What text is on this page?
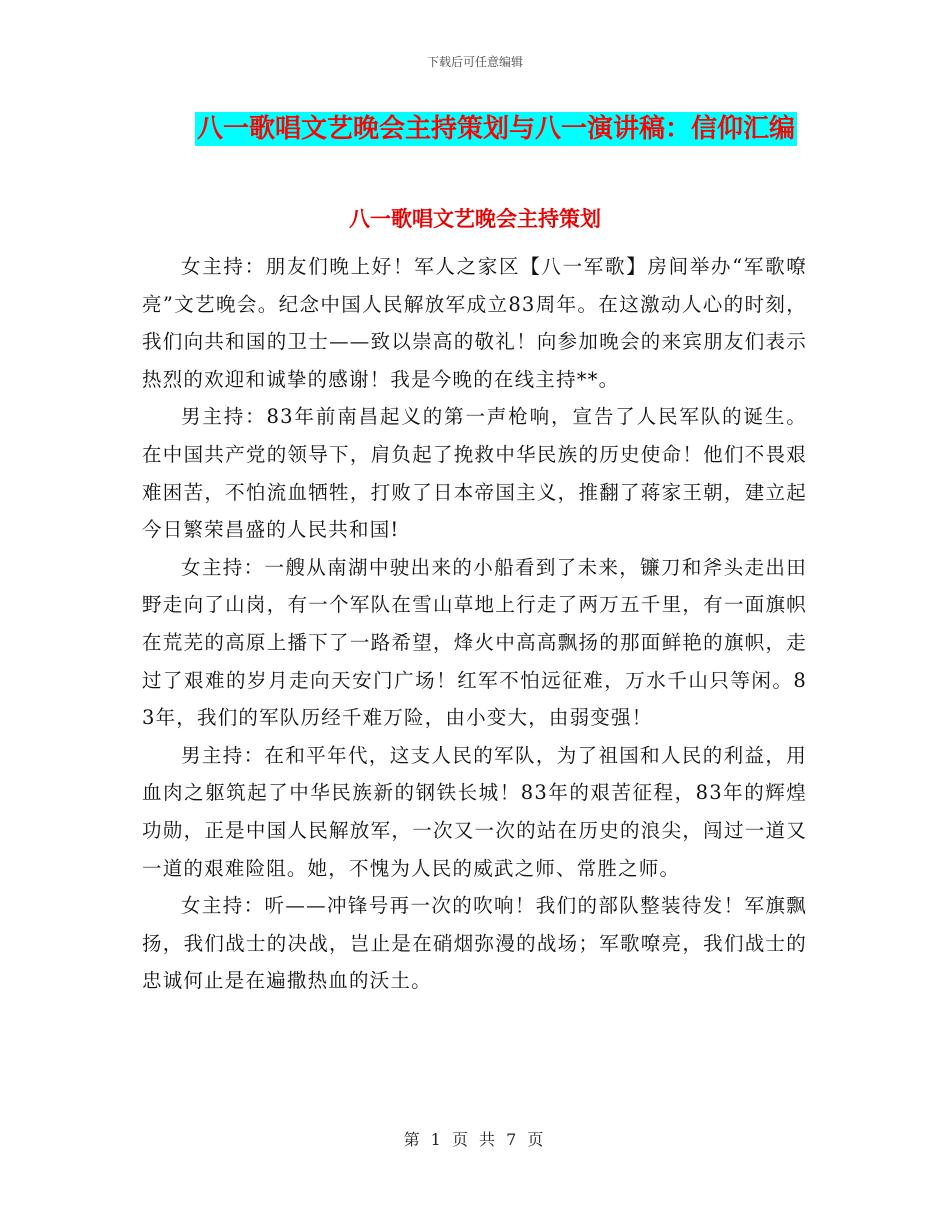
下载后可任意编辑
八一歌唱文艺晚会主持策划与八一演讲稿：信仰汇编
八一歌唱文艺晚会主持策划

女主持：朋友们晚上好！军人之家区【八一军歌】房间举办“军歌嘹亮”文艺晚会。纪念中国人民解放军成立83周年。在这激动人心的时刻，我们向共和国的卫士——致以崇高的敬礼！向参加晚会的来宾朋友们表示热烈的欢迎和诚挚的感谢！我是今晚的在线主持**。

男主持：83年前南昌起义的第一声枪响，宣告了人民军队的诞生。在中国共产党的领导下，肩负起了挽救中华民族的历史使命！他们不畏艰难困苦，不怕流血牺牲，打败了日本帝国主义，推翻了蒋家王朝，建立起今日繁荣昌盛的人民共和国!

女主持：一艘从南湖中驶出来的小船看到了未来，镰刀和斧头走出田野走向了山岗，有一个军队在雪山草地上行走了两万五千里，有一面旗帜在荒芜的高原上播下了一路希望，烽火中高高飘扬的那面鲜艳的旗帜，走过了艰难的岁月走向天安门广场！红军不怕远征难，万水千山只等闲。83年，我们的军队历经千难万险，由小变大，由弱变强！

男主持：在和平年代，这支人民的军队，为了祖国和人民的利益，用血肉之躯筑起了中华民族新的钢铁长城！83年的艰苦征程，83年的辉煌功勋，正是中国人民解放军，一次又一次的站在历史的浪尖，闯过一道又一道的艰难险阻。她，不愧为人民的威武之师、常胜之师。

女主持：听——冲锋号再一次的吹响！我们的部队整装待发！军旗飘扬，我们战士的决战，岂止是在硝烟弥漫的战场；军歌嘹亮，我们战士的忠诚何止是在遍撒热血的沃土。

第 1 页 共 7 页
